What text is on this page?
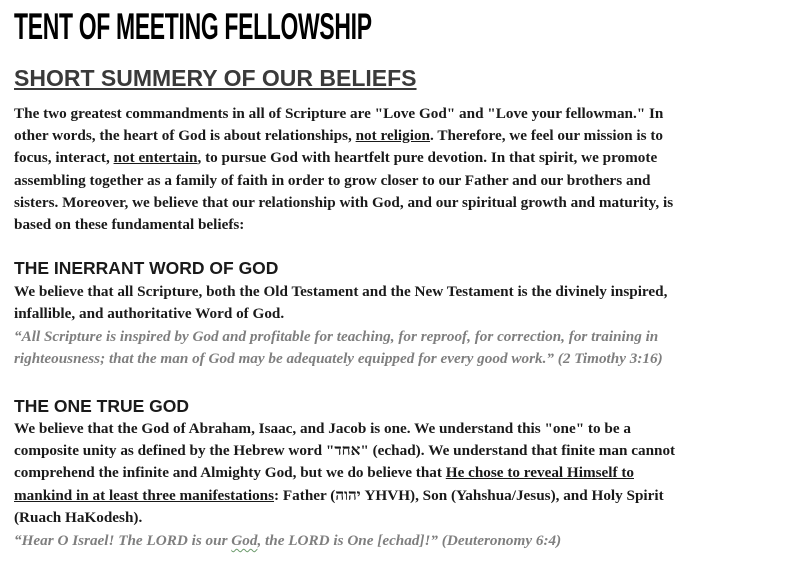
TENT OF MEETING FELLOWSHIP
SHORT SUMMERY OF OUR BELIEFS
The two greatest commandments in all of Scripture are "Love God" and "Love your fellowman." In
other words, the heart of God is about relationships, not religion. Therefore, we feel our mission is to
focus, interact, not entertain, to pursue God with heartfelt pure devotion. In that spirit, we promote
assembling together as a family of faith in order to grow closer to our Father and our brothers and
sisters. Moreover, we believe that our relationship with God, and our spiritual growth and maturity, is
based on these fundamental beliefs:
THE INERRANT WORD OF GOD
We believe that all Scripture, both the Old Testament and the New Testament is the divinely inspired,
infallible, and authoritative Word of God.
“All Scripture is inspired by God and profitable for teaching, for reproof, for correction, for training in
righteousness; that the man of God may be adequately equipped for every good work.” (2 Timothy 3:16)
THE ONE TRUE GOD
We believe that the God of Abraham, Isaac, and Jacob is one. We understand this "one" to be a
composite unity as defined by the Hebrew word "אחד" (echad). We understand that finite man cannot
comprehend the infinite and Almighty God, but we do believe that He chose to reveal Himself to
mankind in at least three manifestations: Father (יהוה YHVH), Son (Yahshua/Jesus), and Holy Spirit
(Ruach HaKodesh).
“Hear O Israel! The LORD is our God, the LORD is One [echad]!” (Deuteronomy 6:4)
